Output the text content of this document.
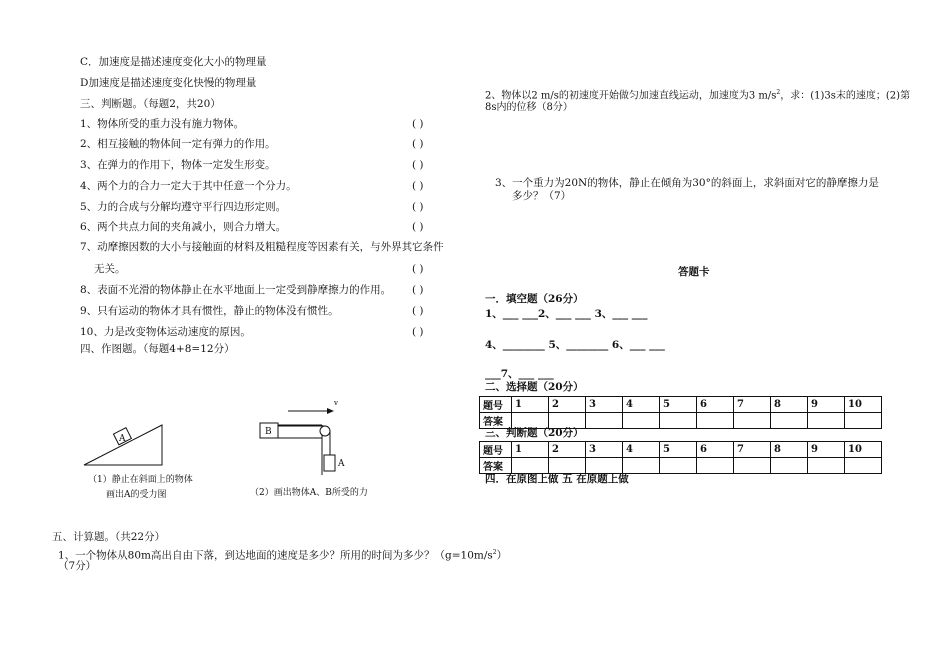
C．加速度是描述速度变化大小的物理量
D加速度是描述速度变化快慢的物理量
三、判断题。（每题2，共20）
1、物体所受的重力没有施力物体。	( )
2、相互接触的物体间一定有弹力的作用。	( )
3、在弹力的作用下，物体一定发生形变。	( )
4、两个力的合力一定大于其中任意一个分力。	( )
5、力的合成与分解均遵守平行四边形定则。	( )
6、两个共点力间的夹角减小，则合力增大。	( )
7、动摩擦因数的大小与接触面的材料及粗糙程度等因素有关，与外界其它条件
无关。	( )
8、表面不光滑的物体静止在水平地面上一定受到静摩擦力的作用。 ( )
9、只有运动的物体才具有惯性，静止的物体没有惯性。	( )
10、力是改变物体运动速度的原因。	( )
四、作图题。（每题4+8=12分）
A
（1）静止在斜面上的物体
画出A的受力图
B
A
v
（2）画出物体A、B所受的力
五、计算题。（共22分）
1、一个物体从80m高出自由下落，到达地面的速度是多少？所用的时间为多少？$(g=10m/s^2)$
（7分）
2、物体以2 m/s的初速度开始做匀加速直线运动，加速度为3 $m/s^2$，求：(1)3s末的速度；(2)第
8s内的位移（8分）
3、一个重力为20N的物体，静止在倾角为30°的斜面上，求斜面对它的静摩擦力是
多少？（7）
答题卡
一．填空题（26分）
1、___ ___2、___ ___ 3、___ ___
4、________ 5、________ 6、___ ___
___7、___ ___
二、选择题（20分）
题号	1	2	3	4	5	6	7	8	9	10
答案										
三、判断题（20分）
题号	1	2	3	4	5	6	7	8	9	10
答案										
四．在原图上做 五 在原题上做
